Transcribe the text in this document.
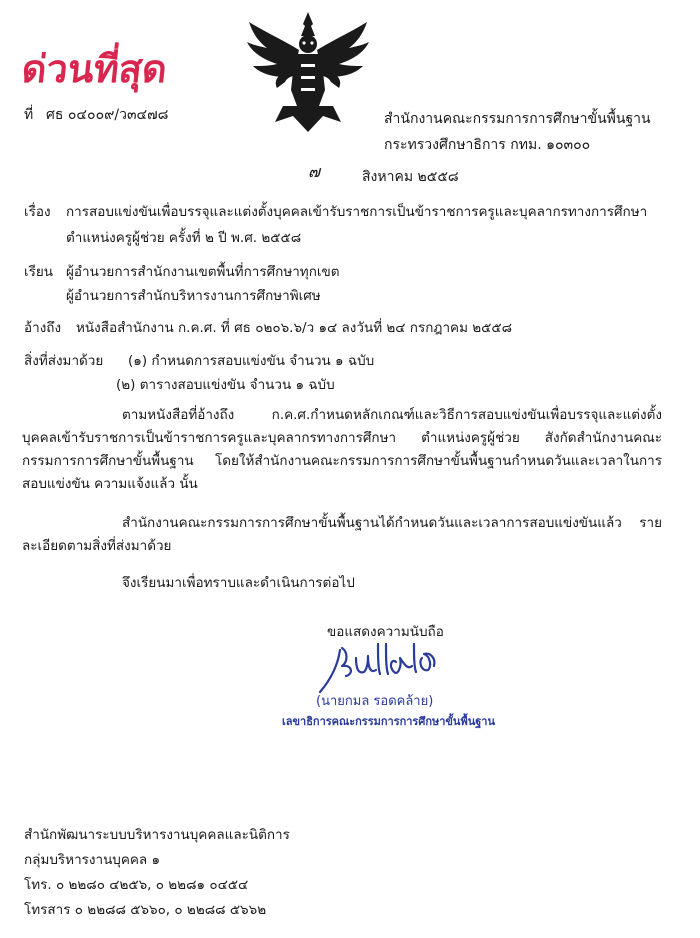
ด่วนที่สุด
ที่ ศธ ๐๔๐๐๙/ว๓๔๗๘	สำนักงานคณะกรรมการการศึกษาขั้นพื้นฐาน
กระทรวงศึกษาธิการ กทม. ๑๐๓๐๐
๗	สิงหาคม ๒๕๕๘
เรื่อง การสอบแข่งขันเพื่อบรรจุและแต่งตั้งบุคคลเข้ารับราชการเป็นข้าราชการครูและบุคลากรทางการศึกษา
ตำแหน่งครูผู้ช่วย ครั้งที่ ๒ ปี พ.ศ. ๒๕๕๘
เรียน ผู้อำนวยการสำนักงานเขตพื้นที่การศึกษาทุกเขต
ผู้อำนวยการสำนักบริหารงานการศึกษาพิเศษ
อ้างถึง หนังสือสำนักงาน ก.ค.ศ. ที่ ศธ ๐๒๐๖.๖/ว ๑๔ ลงวันที่ ๒๔ กรกฎาคม ๒๕๕๘
สิ่งที่ส่งมาด้วย (๑) กำหนดการสอบแข่งขัน จำนวน ๑ ฉบับ
(๒) ตารางสอบแข่งขัน จำนวน ๑ ฉบับ
ตามหนังสือที่อ้างถึง ก.ค.ศ.กำหนดหลักเกณฑ์และวิธีการสอบแข่งขันเพื่อบรรจุและแต่งตั้งบุคคลเข้ารับราชการเป็นข้าราชการครูและบุคลากรทางการศึกษา ตำแหน่งครูผู้ช่วย สังกัดสำนักงานคณะกรรมการการศึกษาขั้นพื้นฐาน โดยให้สำนักงานคณะกรรมการการศึกษาขั้นพื้นฐานกำหนดวันและเวลาในการสอบแข่งขัน ความแจ้งแล้ว นั้น
สำนักงานคณะกรรมการการศึกษาขั้นพื้นฐานได้กำหนดวันและเวลาการสอบแข่งขันแล้ว รายละเอียดตามสิ่งที่ส่งมาด้วย
จึงเรียนมาเพื่อทราบและดำเนินการต่อไป
ขอแสดงความนับถือ
(นายกมล รอดคล้าย)
เลขาธิการคณะกรรมการการศึกษาขั้นพื้นฐาน
สำนักพัฒนาระบบบริหารงานบุคคลและนิติการ
กลุ่มบริหารงานบุคคล ๑
โทร. ๐ ๒๒๘๐ ๔๒๕๖, ๐ ๒๒๘๑ ๐๔๕๔
โทรสาร ๐ ๒๒๘๘ ๕๖๖๐, ๐ ๒๒๘๘ ๕๖๖๒
